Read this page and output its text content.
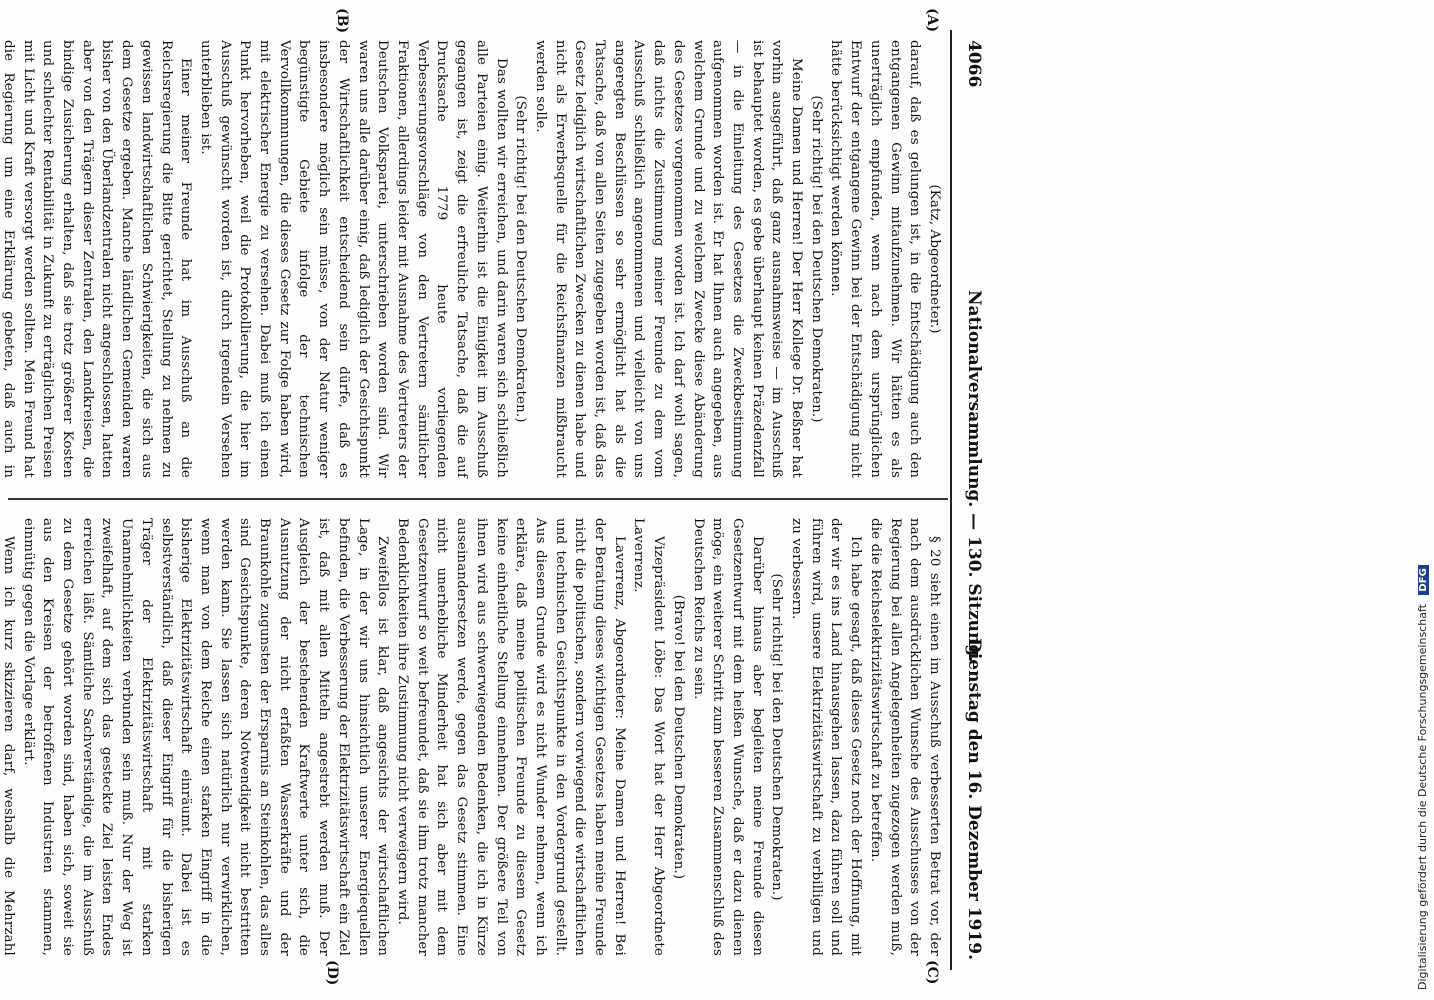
4066
Nationalversammlung. — 130. Sitzung.
Dienstag den 16. Dezember 1919.
(A)
(B)
(C)
(D)

(Katz, Abgeordneter.)

darauf, daß es gelungen ist, in die Entschädigung auch den entgangenen Gewinn mitaufzunehmen. Wir hätten es als unerträglich empfunden, wenn nach dem ursprünglichen Entwurf der entgangene Gewinn bei der Entschädigung nicht hätte berücksichtigt werden können.

(Sehr richtig! bei den Deutschen Demokraten.)

Meine Damen und Herren! Der Herr Kollege Dr. Beßner hat vorhin ausgeführt, daß ganz ausnahmsweise — im Ausschuß ist behauptet worden, es gebe überhaupt keinen Präzedenzfall — in die Einleitung des Gesetzes die Zweckbestimmung aufgenommen worden ist. Er hat Ihnen auch angegeben, aus welchem Grunde und zu welchem Zwecke diese Abänderung des Gesetzes vorgenommen worden ist. Ich darf wohl sagen, daß nichts die Zustimmung meiner Freunde zu dem vom Ausschuß schließlich angenommenen und vielleicht von uns angeregten Beschlüssen so sehr ermöglicht hat als die Tatsache, daß von allen Seiten zugegeben worden ist, daß das Gesetz lediglich wirtschaftlichen Zwecken zu dienen habe und nicht als Erwerbsquelle für die Reichsfinanzen mißbraucht werden solle.

(Sehr richtig! bei den Deutschen Demokraten.)

Das wollten wir erreichen, und darin waren sich schließlich alle Parteien einig. Weiterhin ist die Einigkeit im Ausschuß gegangen ist, zeigt die erfreuliche Tatsache, daß die auf Drucksache 1779 heute vorliegenden Verbesserungsvorschläge von den Vertretern sämtlicher Fraktionen, allerdings leider mit Ausnahme des Vertreters der Deutschen Volkspartei, unterschrieben worden sind. Wir waren uns alle darüber einig, daß lediglich der Gesichtspunkt der Wirtschaftlichkeit entscheidend sein dürfe, daß es insbesondere möglich sein müsse, von der Natur weniger begünstigte Gebiete infolge der technischen Vervollkommnungen, die dieses Gesetz zur Folge haben wird, mit elektrischer Energie zu versehen. Dabei muß ich einen Punkt hervorheben, weil die Protokollierung, die hier im Ausschuß gewünscht worden ist, durch irgendein Versehen unterblieben ist.

Einer meiner Freunde hat im Ausschuß an die Reichsregierung die Bitte gerichtet, Stellung zu nehmen zu gewissen landwirtschaftlichen Schwierigkeiten, die sich aus dem Gesetze ergeben. Manche ländlichen Gemeinden waren bisher von den Überlandzentralen nicht angeschlossen, hatten aber von den Trägern dieser Zentralen, den Landkreisen, die bindige Zusicherung erhalten, daß sie trotz größerer Kosten und schlechter Rentabilität in Zukunft zu erträglichen Preisen mit Licht und Kraft versorgt werden sollten. Mein Freund hat die Regierung um eine Erklärung gebeten, daß auch in

§ 20 sieht einen im Ausschuß verbesserten Betrat vor, der nach dem ausdrücklichen Wunsche des Ausschusses von der Regierung bei allen Angelegenheiten zugezogen werden muß, die die Reichselektrizitätswirtschaft zu betreffen.

Ich habe gesagt, daß dieses Gesetz noch der Hoffnung, mit der wir es ins Land hinausgehen lassen, dazu führen soll und führen wird, unsere Elektrizitätswirtschaft zu verbilligen und zu verbessern.

(Sehr richtig! bei den Deutschen Demokraten.)

Darüber hinaus aber begleiten meine Freunde diesen Gesetzentwurf mit dem heißen Wunsche, daß er dazu dienen möge, ein weiterer Schritt zum besseren Zusammenschluß des Deutschen Reichs zu sein.

(Bravo! bei den Deutschen Demokraten.)

Vizepräsident Löbe: Das Wort hat der Herr Abgeordnete Laverrenz.

Laverrenz, Abgeordneter: Meine Damen und Herren! Bei der Beratung dieses wichtigen Gesetzes haben meine Freunde nicht die politischen, sondern vorwiegend die wirtschaftlichen und technischen Gesichtspunkte in den Vordergrund gestellt. Aus diesem Grunde wird es nicht Wunder nehmen, wenn ich erkläre, daß meine politischen Freunde zu diesem Gesetz keine einheitliche Stellung einnehmen. Der größere Teil von ihnen wird aus schwerwiegenden Bedenken, die ich in Kürze auseinandersetzen werde, gegen das Gesetz stimmen. Eine nicht unerhebliche Minderheit hat sich aber mit dem Gesetzentwurf so weit befreundet, daß sie ihm trotz mancher Bedenklichkeiten ihre Zustimmung nicht verweigern wird.

Zweifellos ist klar, daß angesichts der wirtschaftlichen Lage, in der wir uns hinsichtlich unserer Energiequellen befinden, die Verbesserung der Elektrizitätswirtschaft ein Ziel ist, daß mit allen Mitteln angestrebt werden muß. Der Ausgleich der bestehenden Kraftwerte unter sich, die Ausnutzung der nicht erfaßten Wasserkräfte und der Braunkohle zugunsten der Ersparnis an Steinkohlen, das alles sind Gesichtspunkte, deren Notwendigkeit nicht bestritten werden kann. Sie lassen sich natürlich nur verwirklichen, wenn man von dem Reiche einen starken Eingriff in die bisherige Elektrizitätswirtschaft einräumt. Dabei ist es selbstverständlich, daß dieser Eingriff für die bisherigen Träger der Elektrizitätswirtschaft mit starken Unannehmlichkeiten verbunden sein muß. Nur der Weg ist zweifelhaft, auf dem sich das gesteckte Ziel leisten Endes erreichen läßt. Sämtliche Sachverständige, die im Ausschuß zu dem Gesetze gehört worden sind, haben sich, soweit sie aus den Kreisen der betroffenen Industrien stammen, einmütig gegen die Vorlage erklärt.

Wenn ich kurz skizzieren darf, weshalb die Mehrzahl	Digitalisierung gefördert durch die Deutsche Forschungsgemeinschaft DFG
